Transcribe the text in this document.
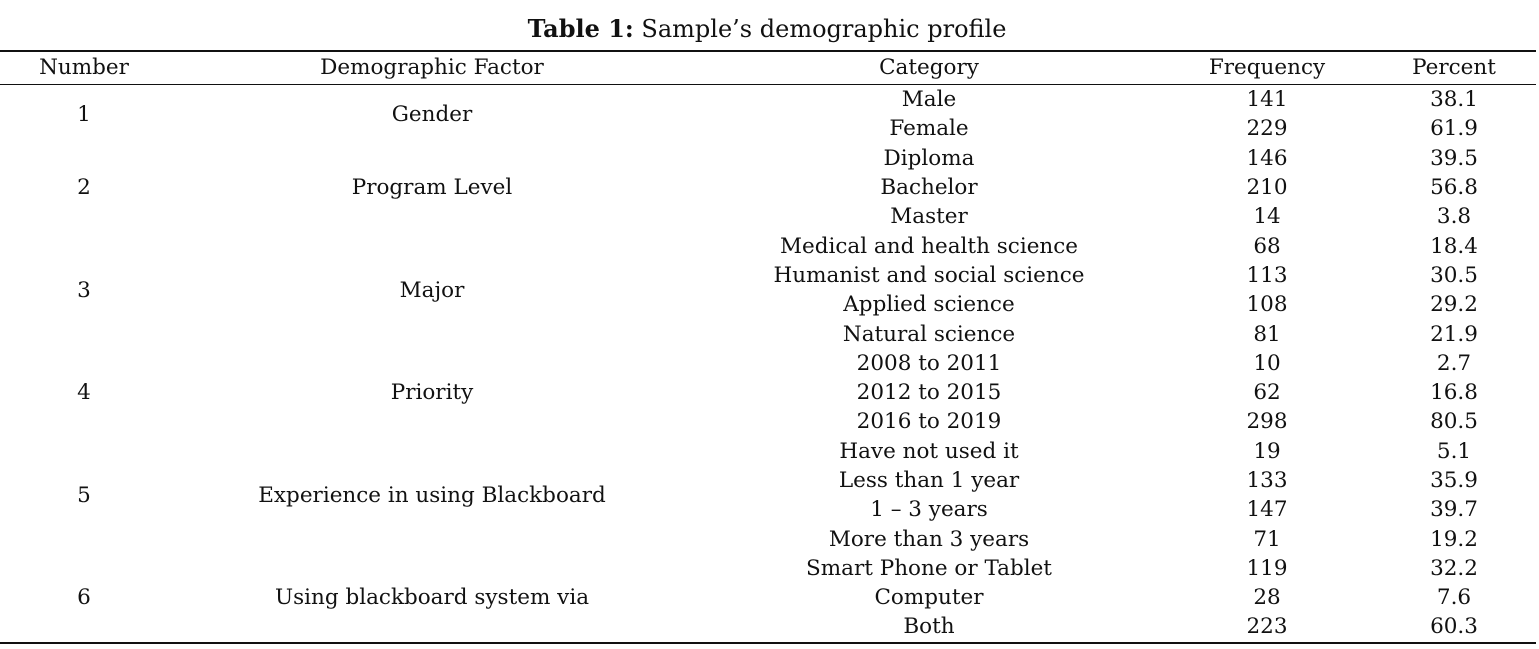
Table 1: Sample’s demographic profile
Number	Demographic Factor	Category	Frequency	Percent
1	Gender	Male	141	38.1
		Female	229	61.9
2	Program Level	Diploma	146	39.5
		Bachelor	210	56.8
		Master	14	3.8
3	Major	Medical and health science	68	18.4
		Humanist and social science	113	30.5
		Applied science	108	29.2
		Natural science	81	21.9
4	Priority	2008 to 2011	10	2.7
		2012 to 2015	62	16.8
		2016 to 2019	298	80.5
5	Experience in using Blackboard	Have not used it	19	5.1
		Less than 1 year	133	35.9
		1 – 3 years	147	39.7
		More than 3 years	71	19.2
6	Using blackboard system via	Smart Phone or Tablet	119	32.2
		Computer	28	7.6
		Both	223	60.3
